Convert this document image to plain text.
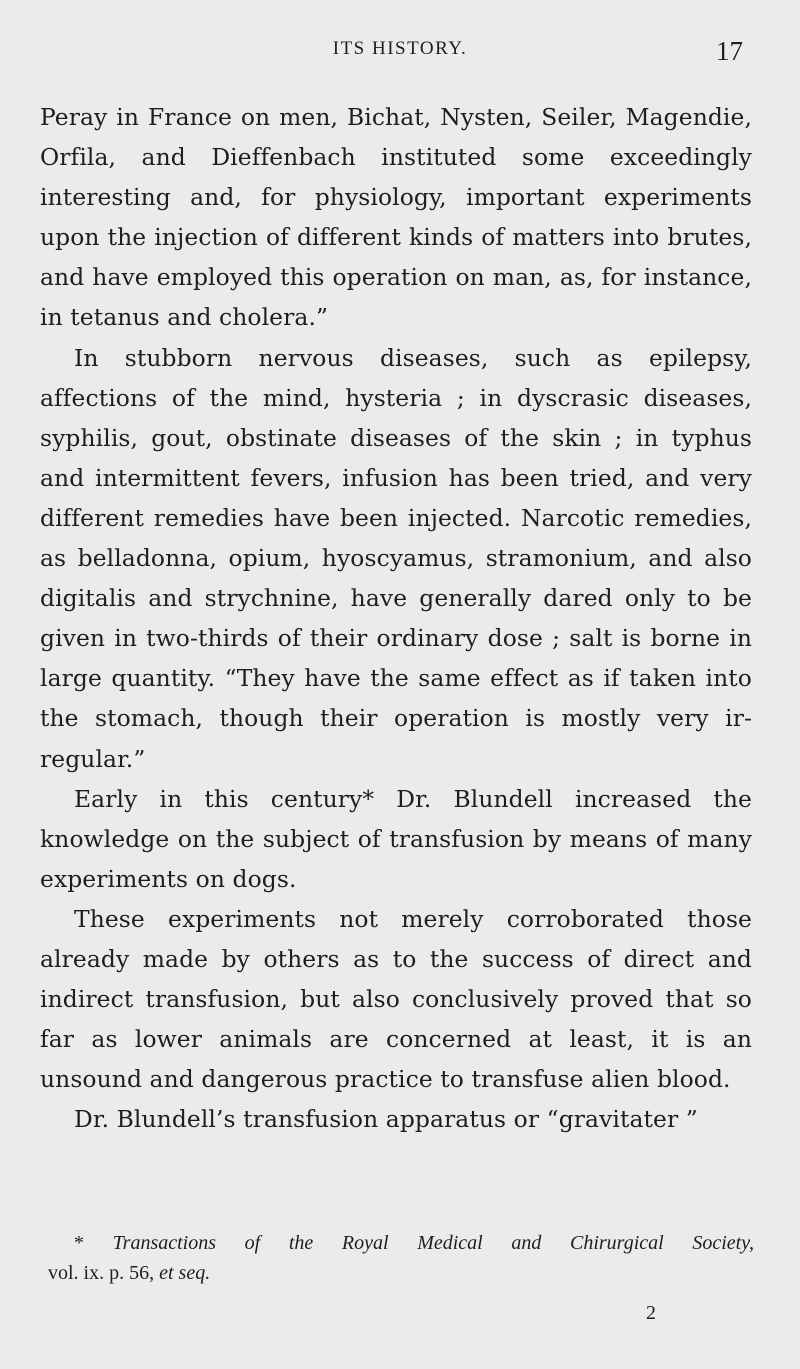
ITS HISTORY.	17

Peray in France on men, Bichat, Nysten, Seiler, Magendie, Orfila, and Dieffenbach instituted some exceedingly interesting and, for physiology, important experiments upon the injection of different kinds of matters into brutes, and have employed this operation on man, as, for instance, in tetanus and cholera.”

In stubborn nervous diseases, such as epilepsy, affections of the mind, hysteria ; in dyscrasic diseases, syphilis, gout, obstinate diseases of the skin ; in typhus and intermittent fevers, infusion has been tried, and very different remedies have been injected. Narcotic remedies, as belladonna, opium, hyoscyamus, stramonium, and also digitalis and strychnine, have generally dared only to be given in two-thirds of their ordinary dose ; salt is borne in large quantity. “They have the same effect as if taken into the stomach, though their operation is mostly very ir-regular.”

Early in this century* Dr. Blundell increased the knowledge on the subject of transfusion by means of many experiments on dogs.

These experiments not merely corroborated those already made by others as to the success of direct and indirect transfusion, but also conclusively proved that so far as lower animals are concerned at least, it is an unsound and dangerous practice to transfuse alien blood.

Dr. Blundell’s transfusion apparatus or “gravitater ”

* Transactions of the Royal Medical and Chirurgical Society,

vol. ix. p. 56, et seq.

2
